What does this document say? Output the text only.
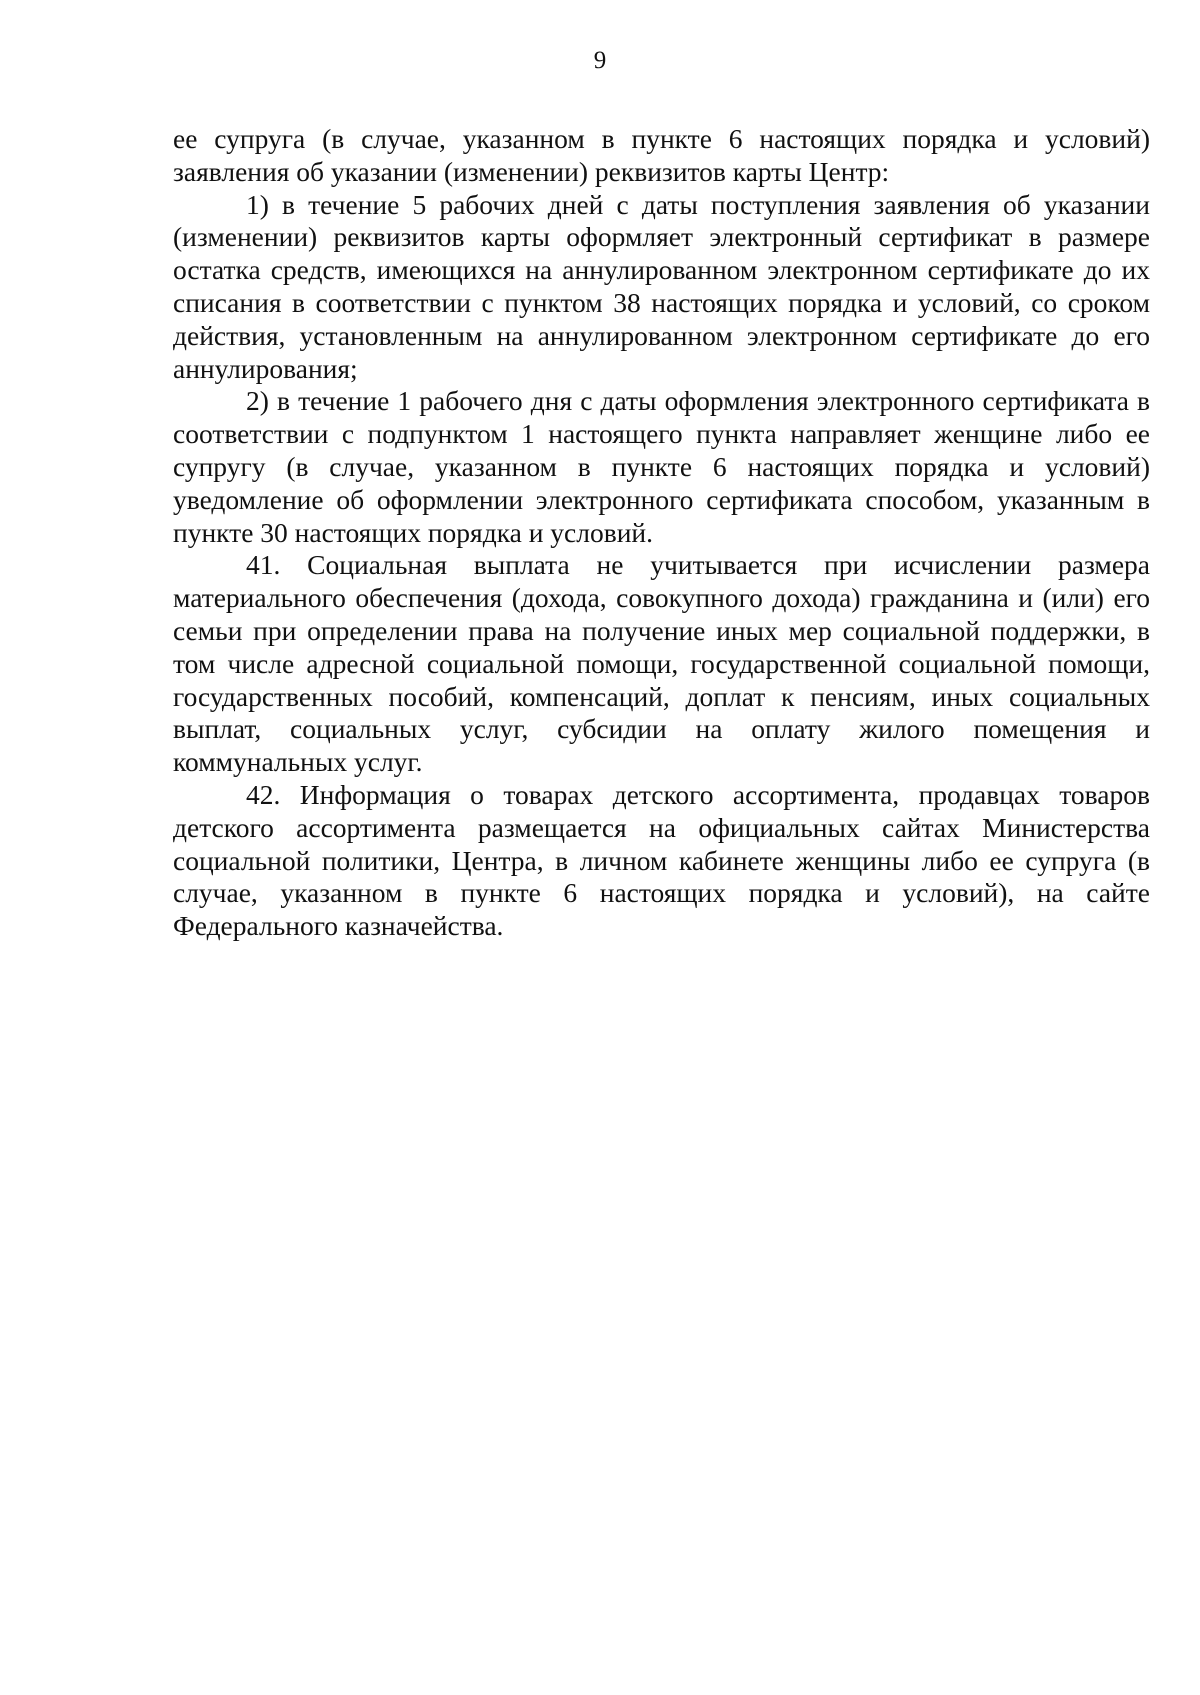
9

ее супруга (в случае, указанном в пункте 6 настоящих порядка и условий) заявления об указании (изменении) реквизитов карты Центр:

1) в течение 5 рабочих дней с даты поступления заявления об указании (изменении) реквизитов карты оформляет электронный сертификат в размере остатка средств, имеющихся на аннулированном электронном сертификате до их списания в соответствии с пунктом 38 настоящих порядка и условий, со сроком действия, установленным на аннулированном электронном сертификате до его аннулирования;

2) в течение 1 рабочего дня с даты оформления электронного сертификата в соответствии с подпунктом 1 настоящего пункта направляет женщине либо ее супругу (в случае, указанном в пункте 6 настоящих порядка и условий) уведомление об оформлении электронного сертификата способом, указанным в пункте 30 настоящих порядка и условий.

41. Социальная выплата не учитывается при исчислении размера материального обеспечения (дохода, совокупного дохода) гражданина и (или) его семьи при определении права на получение иных мер социальной поддержки, в том числе адресной социальной помощи, государственной социальной помощи, государственных пособий, компенсаций, доплат к пенсиям, иных социальных выплат, социальных услуг, субсидии на оплату жилого помещения и коммунальных услуг.

42. Информация о товарах детского ассортимента, продавцах товаров детского ассортимента размещается на официальных сайтах Министерства социальной политики, Центра, в личном кабинете женщины либо ее супруга (в случае, указанном в пункте 6 настоящих порядка и условий), на сайте Федерального казначейства.
